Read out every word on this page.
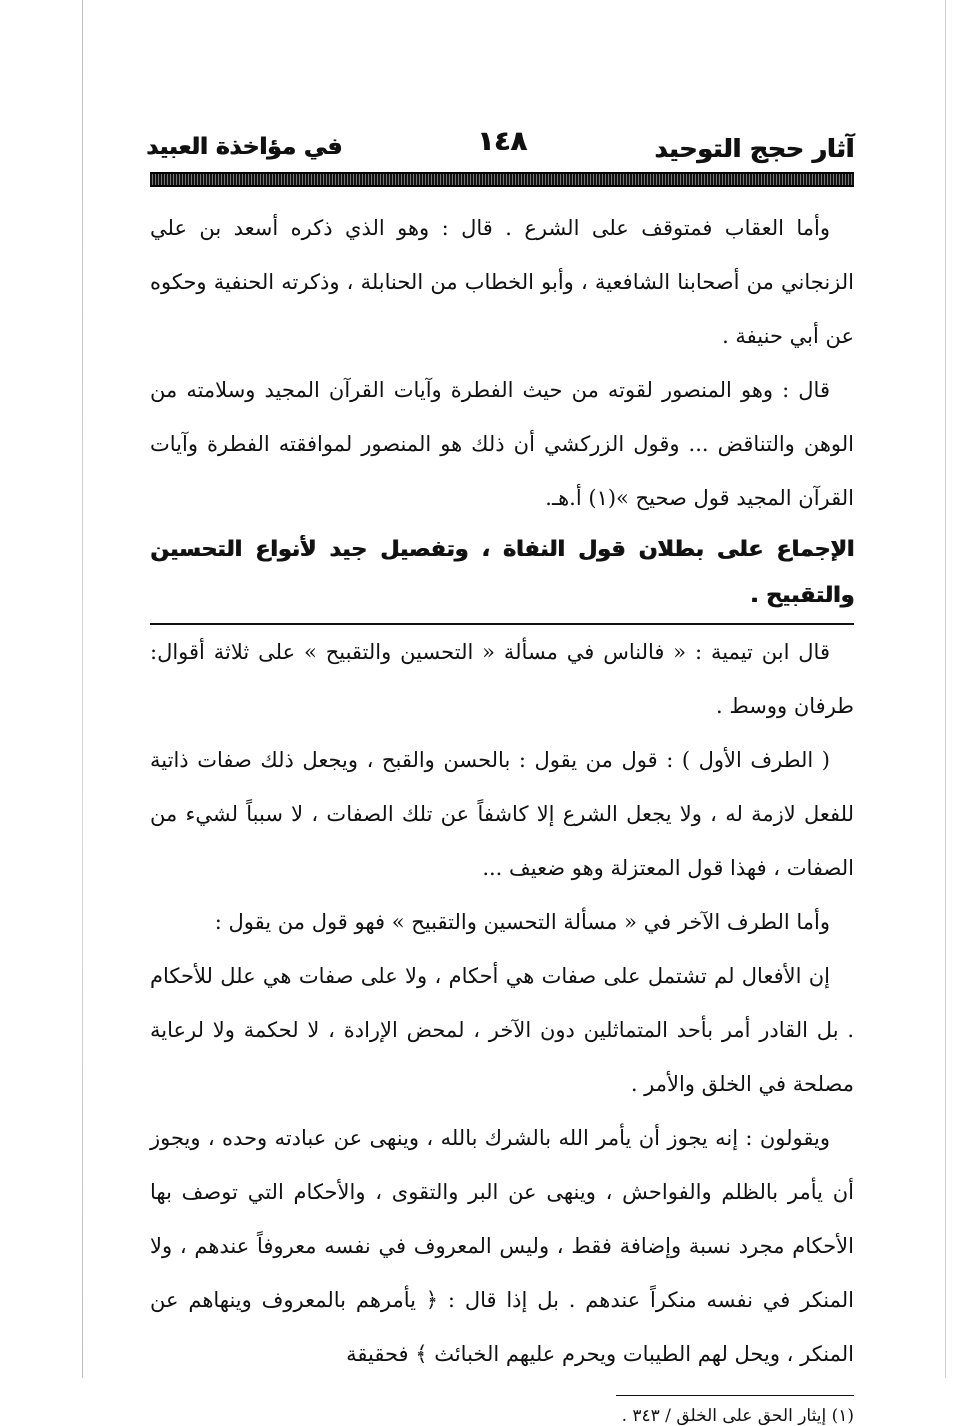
آثار حجج التوحيد
١٤٨
في مؤاخذة العبيد

وأما العقاب فمتوقف على الشرع . قال : وهو الذي ذكره أسعد بن علي الزنجاني من أصحابنا الشافعية ، وأبو الخطاب من الحنابلة ، وذكرته الحنفية وحكوه عن أبي حنيفة .

قال : وهو المنصور لقوته من حيث الفطرة وآيات القرآن المجيد وسلامته من الوهن والتناقض ... وقول الزركشي أن ذلك هو المنصور لموافقته الفطرة وآيات القرآن المجيد قول صحيح »(١) أ.هـ.

الإجماع على بطلان قول النفاة ، وتفصيل جيد لأنواع التحسين والتقبيح .

قال ابن تيمية : « فالناس في مسألة « التحسين والتقبيح » على ثلاثة أقوال: طرفان ووسط .

( الطرف الأول ) : قول من يقول : بالحسن والقبح ، ويجعل ذلك صفات ذاتية للفعل لازمة له ، ولا يجعل الشرع إلا كاشفاً عن تلك الصفات ، لا سبباً لشيء من الصفات ، فهذا قول المعتزلة وهو ضعيف ...

وأما الطرف الآخر في « مسألة التحسين والتقبيح » فهو قول من يقول :

إن الأفعال لم تشتمل على صفات هي أحكام ، ولا على صفات هي علل للأحكام . بل القادر أمر بأحد المتماثلين دون الآخر ، لمحض الإرادة ، لا لحكمة ولا لرعاية مصلحة في الخلق والأمر .

ويقولون : إنه يجوز أن يأمر الله بالشرك بالله ، وينهى عن عبادته وحده ، ويجوز أن يأمر بالظلم والفواحش ، وينهى عن البر والتقوى ، والأحكام التي توصف بها الأحكام مجرد نسبة وإضافة فقط ، وليس المعروف في نفسه معروفاً عندهم ، ولا المنكر في نفسه منكراً عندهم . بل إذا قال : ﴿ يأمرهم بالمعروف وينهاهم عن المنكر ، ويحل لهم الطيبات ويحرم عليهم الخبائث ﴾ فحقيقة

(١) إيثار الحق على الخلق / ٣٤٣ .
